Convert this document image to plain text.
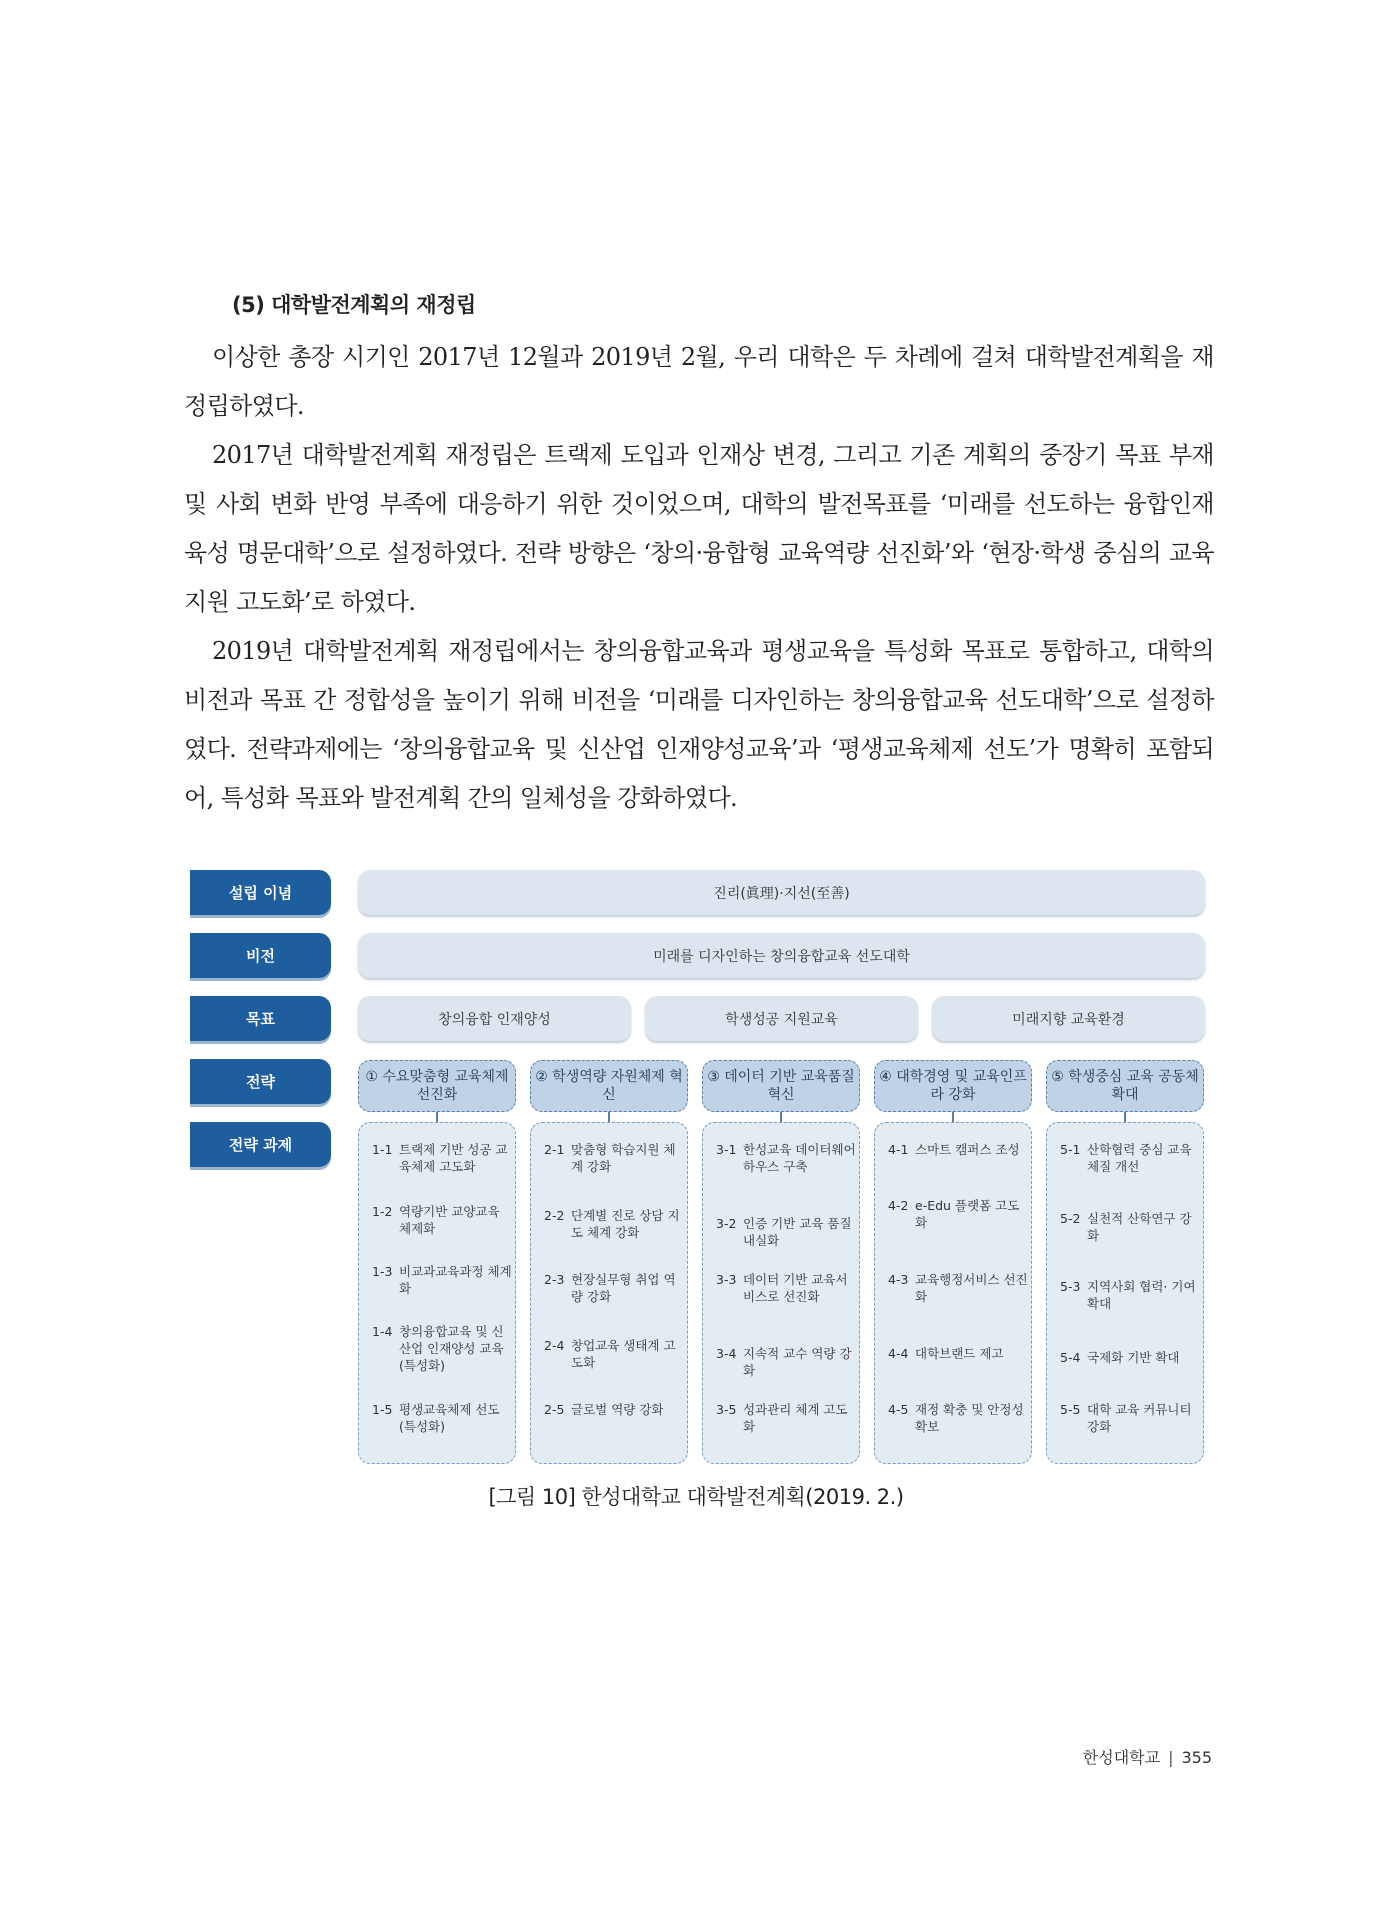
(5) 대학발전계획의 재정립

이상한 총장 시기인 2017년 12월과 2019년 2월, 우리 대학은 두 차례에 걸쳐 대학발전계획을 재정립하였다.

2017년 대학발전계획 재정립은 트랙제 도입과 인재상 변경, 그리고 기존 계획의 중장기 목표 부재 및 사회 변화 반영 부족에 대응하기 위한 것이었으며, 대학의 발전목표를 ‘미래를 선도하는 융합인재 육성 명문대학’으로 설정하였다. 전략 방향은 ‘창의·융합형 교육역량 선진화’와 ‘현장·학생 중심의 교육지원 고도화’로 하였다.

2019년 대학발전계획 재정립에서는 창의융합교육과 평생교육을 특성화 목표로 통합하고, 대학의 비전과 목표 간 정합성을 높이기 위해 비전을 ‘미래를 디자인하는 창의융합교육 선도대학’으로 설정하였다. 전략과제에는 ‘창의융합교육 및 신산업 인재양성교육’과 ‘평생교육체제 선도’가 명확히 포함되어, 특성화 목표와 발전계획 간의 일체성을 강화하였다.

설립 이념
비전
목표
전략
전략 과제
진리(眞理)·지선(至善)
미래를 디자인하는 창의융합교육 선도대학
창의융합 인재양성	학생성공 지원교육	미래지향 교육환경
① 수요맞춤형 교육체제 선진화
② 학생역량 자원체제 혁신
③ 데이터 기반 교육품질 혁신
④ 대학경영 및 교육인프라 강화
⑤ 학생중심 교육 공동체 확대
1-1 트랙제 기반 성공 교육체제 고도화
1-2 역량기반 교양교육 체제화
1-3 비교과교육과정 체계화
1-4 창의융합교육 및 신산업 인재양성 교육(특성화)
1-5 평생교육체제 선도 (특성화)
2-1 맞춤형 학습지원 체계 강화
2-2 단계별 진로 상담 지도 체계 강화
2-3 현장실무형 취업 역량 강화
2-4 창업교육 생태계 고도화
2-5 글로벌 역량 강화
3-1 한성교육 데이터웨어하우스 구축
3-2 인증 기반 교육 품질 내실화
3-3 데이터 기반 교육서비스로 선진화
3-4 지속적 교수 역량 강화
3-5 성과관리 체계 고도화
4-1 스마트 캠퍼스 조성
4-2 e-Edu 플랫폼 고도화
4-3 교육행정서비스 선진화
4-4 대학브랜드 제고
4-5 재정 확충 및 안정성 확보
5-1 산학협력 중심 교육 체질 개선
5-2 실천적 산학연구 강화
5-3 지역사회 협력· 기여 확대
5-4 국제화 기반 확대
5-5 대학 교육 커뮤니티 강화
[그림 10] 한성대학교 대학발전계획(2019. 2.)
한성대학교 | 355
